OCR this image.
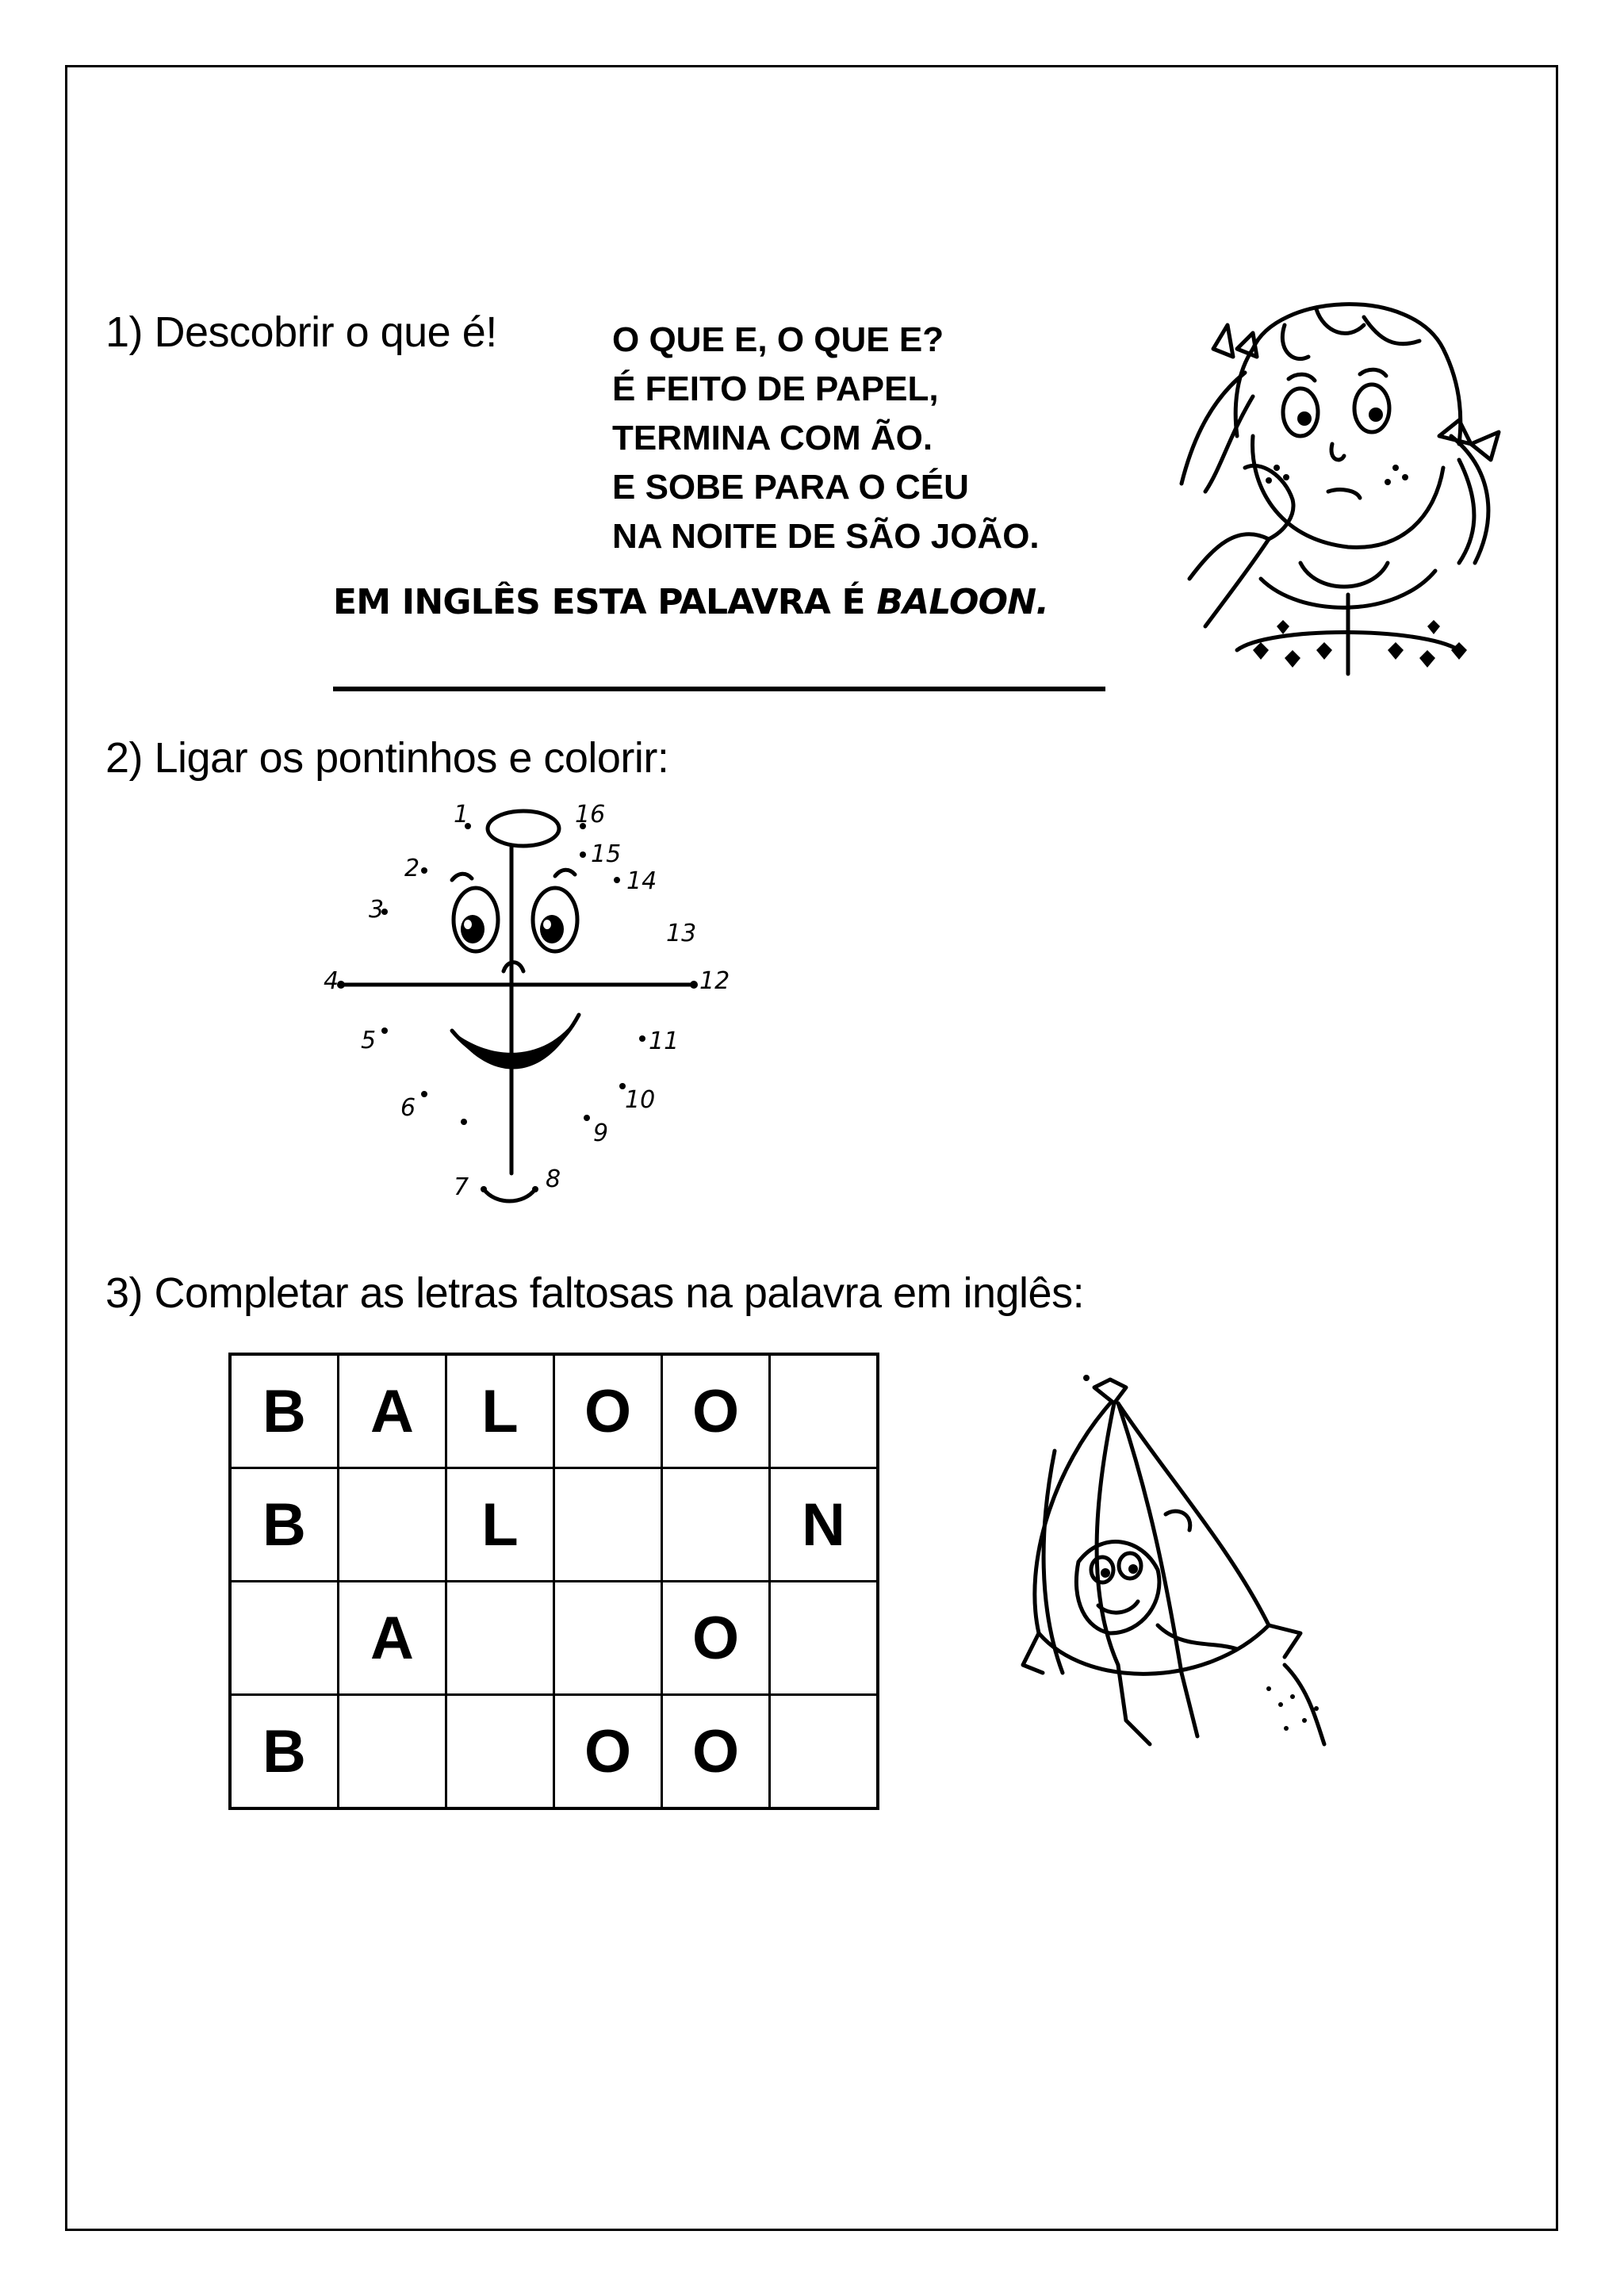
1) Descobrir o que é!	O QUE E, O QUE E?
É FEITO DE PAPEL,
TERMINA COM ÃO.
E SOBE PARA O CÉU
NA NOITE DE SÃO JOÃO.
EM INGLÊS ESTA PALAVRA É BALOON.
2) Ligar os pontinhos e colorir:
1
2
3
4
5
6
7	8
9
10
11
12
13
14
15
16
3) Completar as letras faltosas na palavra em inglês:
B	A	L	O	O	
B		L			N
	A			O	
B			O	O	
